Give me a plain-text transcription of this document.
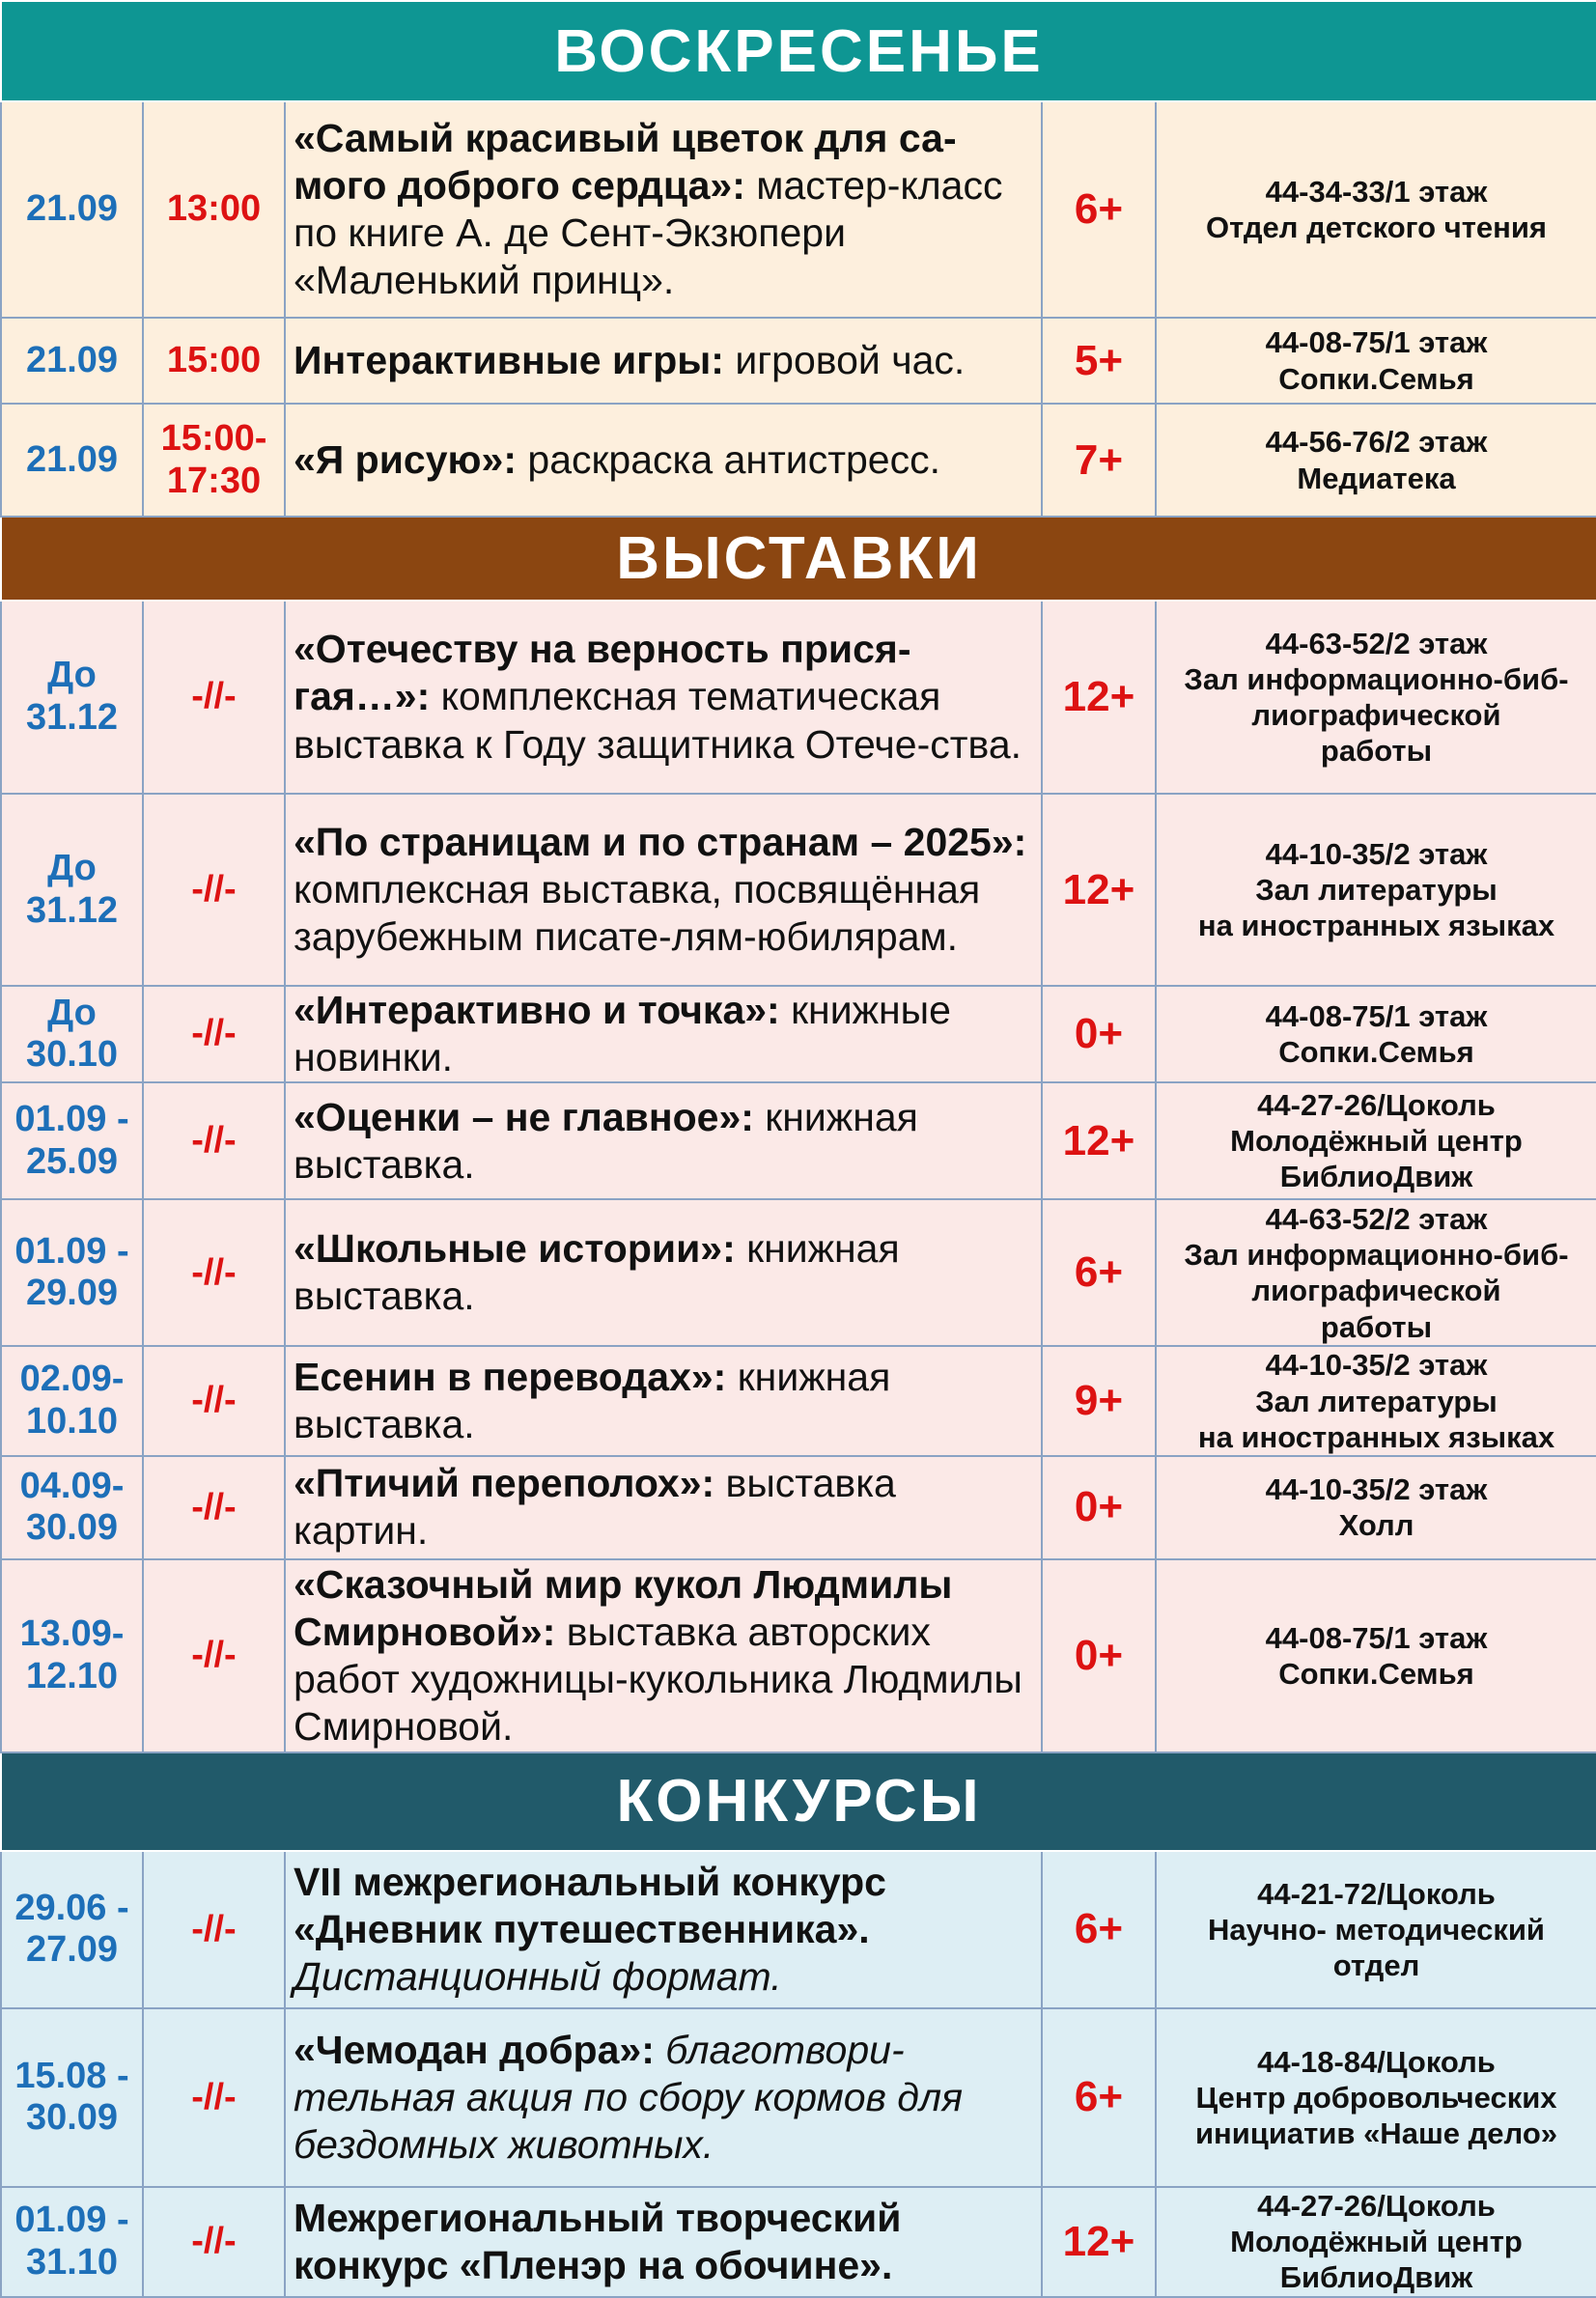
ВОСКРЕСЕНЬЕ				

21.09	13:00	«Самый красивый цветок для са-мого доброго сердца»: мастер-класс по книге А. де Сент-Экзюпери «Маленький принц».	6+	44-34-33/1 этаж
Отдел детского чтения

21.09	15:00	Интерактивные игры: игровой час.	5+	44-08-75/1 этаж
Сопки.Семья

21.09	15:00-
17:30	«Я рисую»: раскраска антистресс.	7+	44-56-76/2 этаж
Медиатека

ВЫСТАВКИ				

До
31.12	-//-	«Отечеству на верность прися-гая…»: комплексная тематическая выставка к Году защитника Отече-ства.	12+	44-63-52/2 этаж
Зал информационно-биб-
лиографической
работы

До
31.12	-//-	«По страницам и по странам – 2025»: комплексная выставка, посвящённая зарубежным писате-лям-юбилярам.	12+	44-10-35/2 этаж
Зал литературы
на иностранных языках

До
30.10	-//-	«Интерактивно и точка»: книжные новинки.	0+	44-08-75/1 этаж
Сопки.Семья

01.09 -
25.09	-//-	«Оценки – не главное»: книжная выставка.	12+	44-27-26/Цоколь
Молодёжный центр
БиблиоДвиж

01.09 -
29.09	-//-	«Школьные истории»: книжная выставка.	6+	44-63-52/2 этаж
Зал информационно-биб-
лиографической
работы

02.09-
10.10	-//-	Есенин в переводах»: книжная выставка.	9+	44-10-35/2 этаж
Зал литературы
на иностранных языках

04.09-
30.09	-//-	«Птичий переполох»: выставка картин.	0+	44-10-35/2 этаж
Холл

13.09-
12.10	-//-	«Сказочный мир кукол Людмилы Смирновой»: выставка авторских работ художницы-кукольника Людмилы Смирновой.	0+	44-08-75/1 этаж
Сопки.Семья

КОНКУРСЫ				

29.06 -
27.09	-//-	VII межрегиональный конкурс «Дневник путешественника». Дистанционный формат.	6+	44-21-72/Цоколь
Научно- методический
отдел

15.08 -
30.09	-//-	«Чемодан добра»: благотвори-тельная акция по сбору кормов для бездомных животных.	6+	44-18-84/Цоколь
Центр добровольческих
инициатив «Наше дело»

01.09 -
31.10	-//-	Межрегиональный творческий конкурс «Пленэр на обочине».	12+	44-27-26/Цоколь
Молодёжный центр
БиблиоДвиж
